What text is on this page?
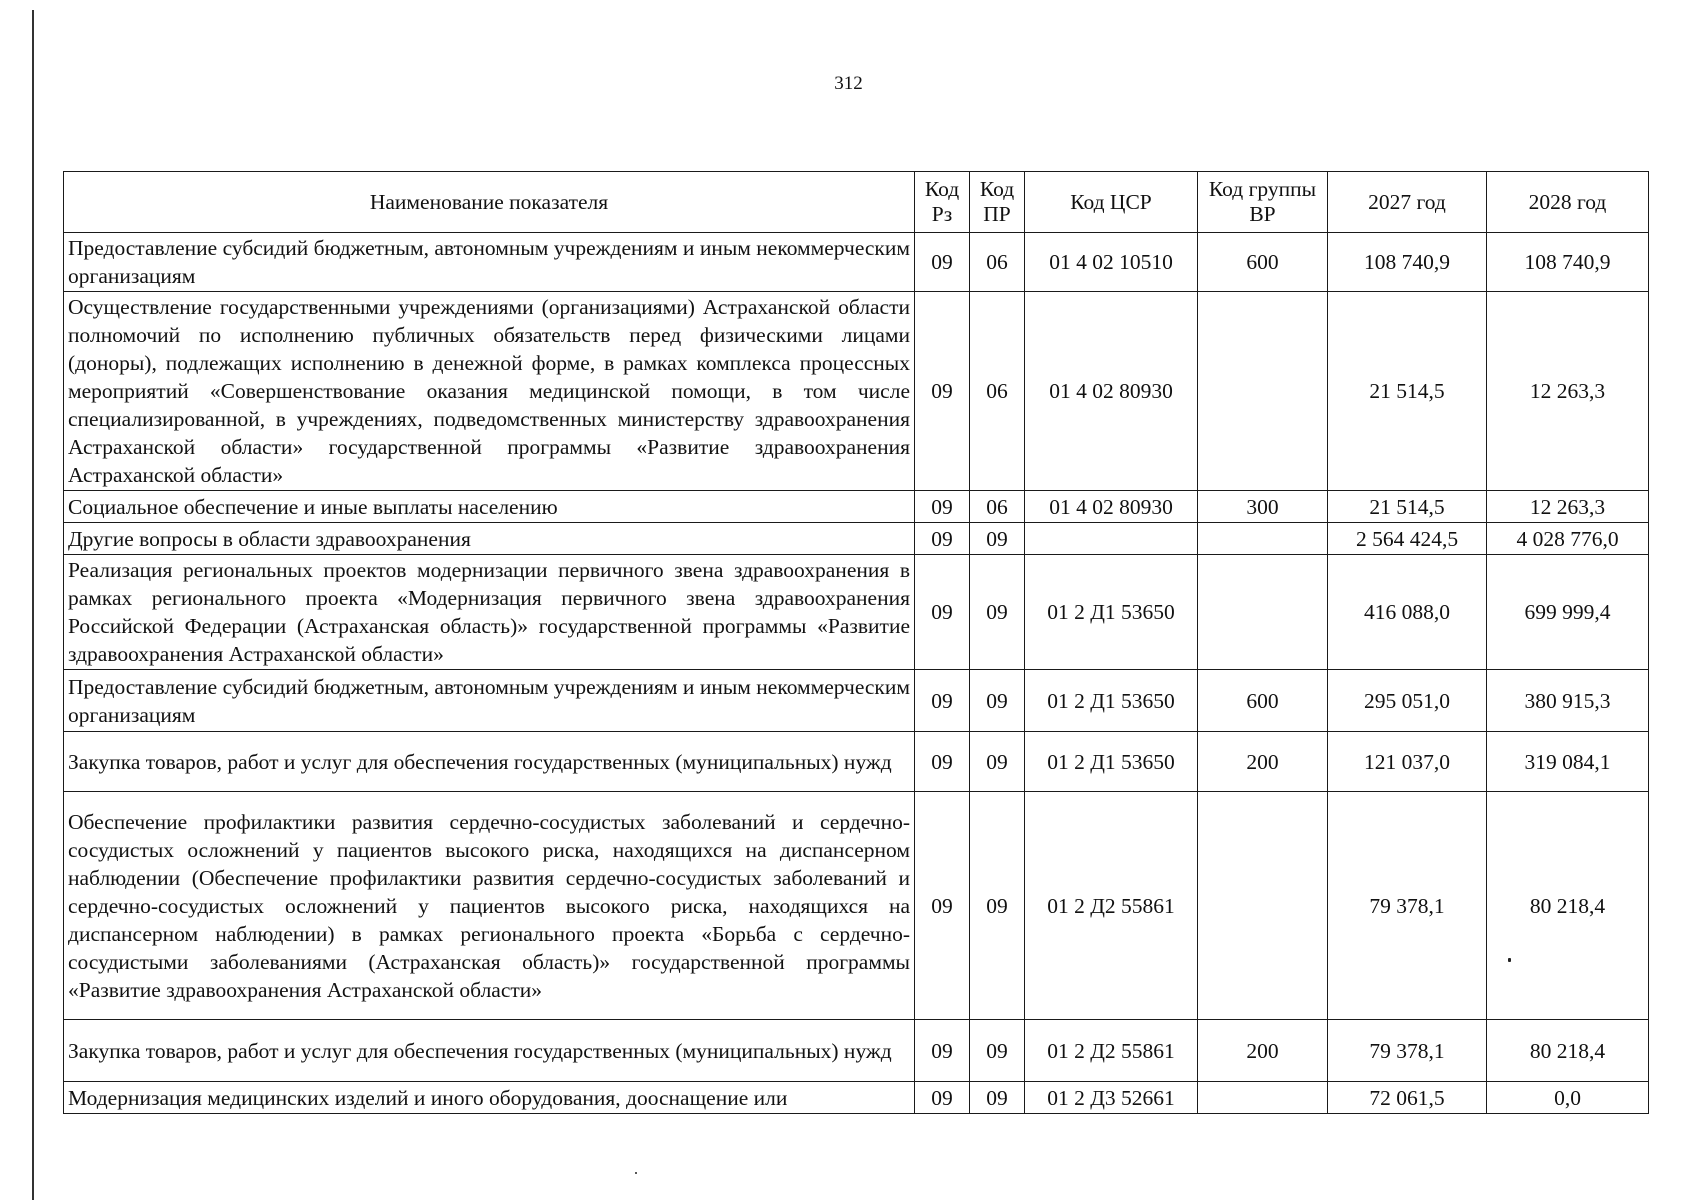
312
Наименование показателя	Код Рз	Код ПР	Код ЦСР	Код группы ВР	2027 год	2028 год
Предоставление субсидий бюджетным, автономным учреждениям и иным некоммерческим организациям	09	06	01 4 02 10510	600	108 740,9	108 740,9
Осуществление государственными учреждениями (организациями) Астраханской области полномочий по исполнению публичных обязательств перед физическими лицами (доноры), подлежащих исполнению в денежной форме, в рамках комплекса процессных мероприятий «Совершенствование оказания медицинской помощи, в том числе специализированной, в учреждениях, подведомственных министерству здравоохранения Астраханской области» государственной программы «Развитие здравоохранения Астраханской области»	09	06	01 4 02 80930		21 514,5	12 263,3
Социальное обеспечение и иные выплаты населению	09	06	01 4 02 80930	300	21 514,5	12 263,3
Другие вопросы в области здравоохранения	09	09			2 564 424,5	4 028 776,0
Реализация региональных проектов модернизации первичного звена здравоохранения в рамках регионального проекта «Модернизация первичного звена здравоохранения Российской Федерации (Астраханская область)» государственной программы «Развитие здравоохранения Астраханской области»	09	09	01 2 Д1 53650		416 088,0	699 999,4
Предоставление субсидий бюджетным, автономным учреждениям и иным некоммерческим организациям	09	09	01 2 Д1 53650	600	295 051,0	380 915,3
Закупка товаров, работ и услуг для обеспечения государственных (муниципальных) нужд	09	09	01 2 Д1 53650	200	121 037,0	319 084,1
Обеспечение профилактики развития сердечно-сосудистых заболеваний и сердечно-сосудистых осложнений у пациентов высокого риска, находящихся на диспансерном наблюдении (Обеспечение профилактики развития сердечно-сосудистых заболеваний и сердечно-сосудистых осложнений у пациентов высокого риска, находящихся на диспансерном наблюдении) в рамках регионального проекта «Борьба с сердечно-сосудистыми заболеваниями (Астраханская область)» государственной программы «Развитие здравоохранения Астраханской области»	09	09	01 2 Д2 55861		79 378,1	80 218,4
Закупка товаров, работ и услуг для обеспечения государственных (муниципальных) нужд	09	09	01 2 Д2 55861	200	79 378,1	80 218,4
Модернизация медицинских изделий и иного оборудования, дооснащение или	09	09	01 2 Д3 52661		72 061,5	0,0
